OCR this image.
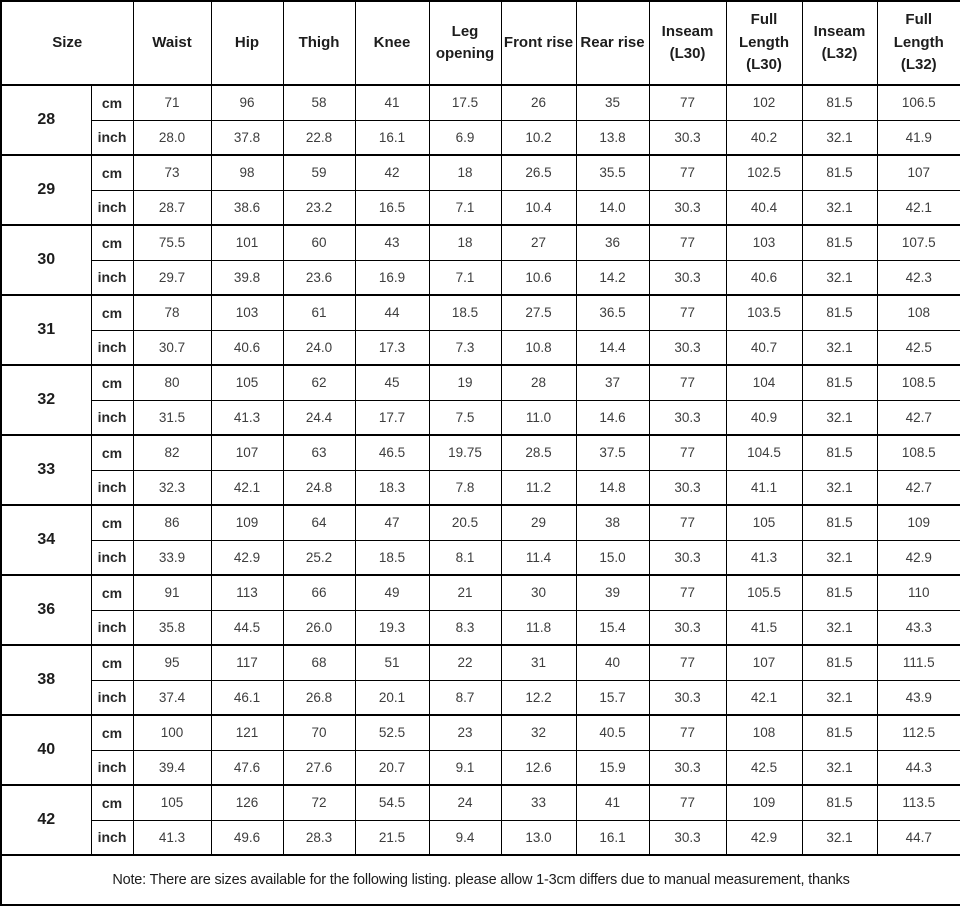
Size		Waist	Hip	Thigh	Knee	Leg opening	Front rise	Rear rise	Inseam (L30)	Full Length (L30)	Inseam (L32)	Full Length (L32)
28	cm	71	96	58	41	17.5	26	35	77	102	81.5	106.5
	inch	28.0	37.8	22.8	16.1	6.9	10.2	13.8	30.3	40.2	32.1	41.9
29	cm	73	98	59	42	18	26.5	35.5	77	102.5	81.5	107
	inch	28.7	38.6	23.2	16.5	7.1	10.4	14.0	30.3	40.4	32.1	42.1
30	cm	75.5	101	60	43	18	27	36	77	103	81.5	107.5
	inch	29.7	39.8	23.6	16.9	7.1	10.6	14.2	30.3	40.6	32.1	42.3
31	cm	78	103	61	44	18.5	27.5	36.5	77	103.5	81.5	108
	inch	30.7	40.6	24.0	17.3	7.3	10.8	14.4	30.3	40.7	32.1	42.5
32	cm	80	105	62	45	19	28	37	77	104	81.5	108.5
	inch	31.5	41.3	24.4	17.7	7.5	11.0	14.6	30.3	40.9	32.1	42.7
33	cm	82	107	63	46.5	19.75	28.5	37.5	77	104.5	81.5	108.5
	inch	32.3	42.1	24.8	18.3	7.8	11.2	14.8	30.3	41.1	32.1	42.7
34	cm	86	109	64	47	20.5	29	38	77	105	81.5	109
	inch	33.9	42.9	25.2	18.5	8.1	11.4	15.0	30.3	41.3	32.1	42.9
36	cm	91	113	66	49	21	30	39	77	105.5	81.5	110
	inch	35.8	44.5	26.0	19.3	8.3	11.8	15.4	30.3	41.5	32.1	43.3
38	cm	95	117	68	51	22	31	40	77	107	81.5	111.5
	inch	37.4	46.1	26.8	20.1	8.7	12.2	15.7	30.3	42.1	32.1	43.9
40	cm	100	121	70	52.5	23	32	40.5	77	108	81.5	112.5
	inch	39.4	47.6	27.6	20.7	9.1	12.6	15.9	30.3	42.5	32.1	44.3
42	cm	105	126	72	54.5	24	33	41	77	109	81.5	113.5
	inch	41.3	49.6	28.3	21.5	9.4	13.0	16.1	30.3	42.9	32.1	44.7
Note: There are sizes available for the following listing. please allow 1-3cm differs due to manual measurement, thanks												
